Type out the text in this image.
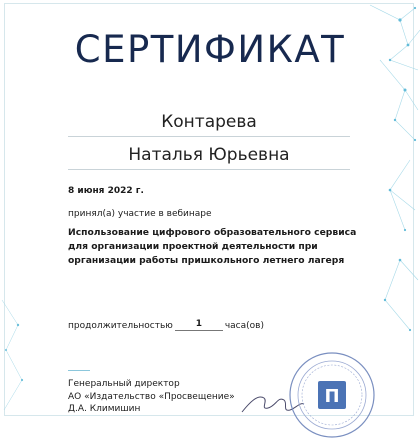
СЕРТИФИКАТ
Контарева
Наталья Юрьевна
8 июня 2022 г.
принял(а) участие в вебинаре
Использование цифрового образовательного сервиса для организации проектной деятельности при организации работы пришкольного летнего лагеря
продолжительностью	1	часа(ов)
Генеральный директор
АО «Издательство «Просвещение»
Д.А. Климишин
П
